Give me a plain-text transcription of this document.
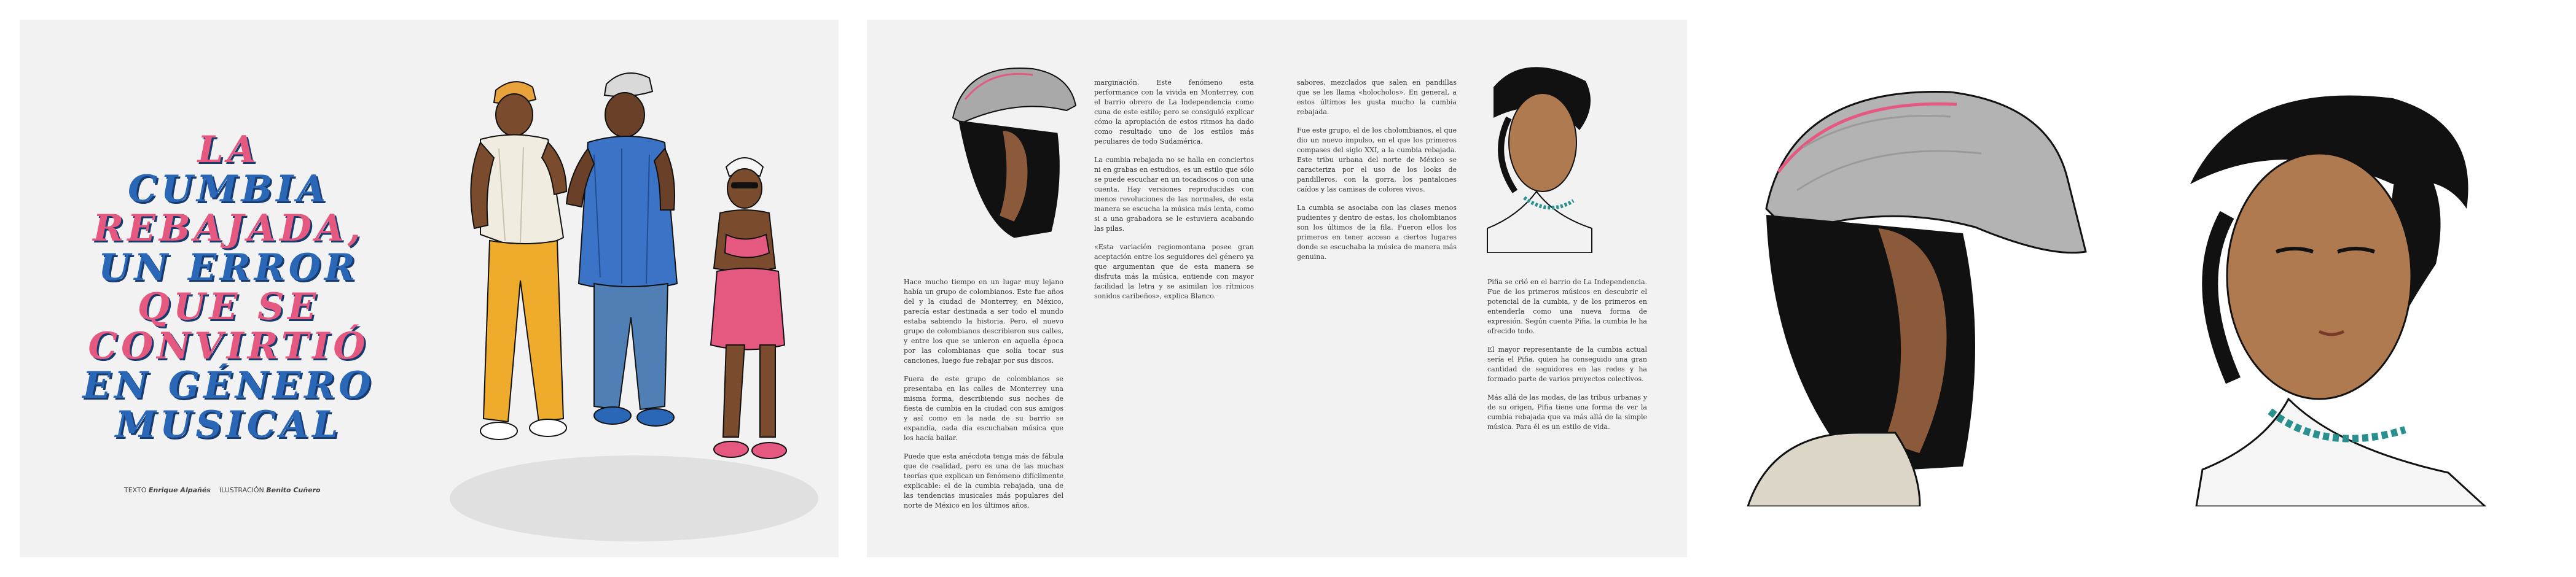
LA
CUMBIA
REBAJADA,
UN ERROR
QUE SE
CONVIRTIÓ
EN GÉNERO
MUSICAL
TEXTO Enrique Alpañés ILUSTRACIÓN Benito Cuñero

Hace mucho tiempo en un lugar muy lejano había un grupo de colombianos. Este fue años del y la ciudad de Monterrey, en México, parecía estar destinada a ser todo el mundo estaba sabiendo la historia. Pero, el nuevo grupo de colombianos describieron sus calles, y entre los que se unieron en aquella época por las colombianas que solía tocar sus canciones, luego fue rebajar por sus discos.

Fuera de este grupo de colombianos se presentaba en las calles de Monterrey una misma forma, describiendo sus noches de fiesta de cumbia en la ciudad con sus amigos y así como en la nada de su barrio se expandía, cada día escuchaban música que los hacía bailar.

Puede que esta anécdota tenga más de fábula que de realidad, pero es una de las muchas teorías que explican un fenómeno difícilmente explicable: el de la cumbia rebajada, una de las tendencias musicales más populares del norte de México en los últimos años.

marginación. Este fenómeno esta performance con la vivida en Monterrey, con el barrio obrero de La Independencia como cuna de este estilo; pero se consiguió explicar cómo la apropiación de estos ritmos ha dado como resultado uno de los estilos más peculiares de todo Sudamérica.

La cumbia rebajada no se halla en conciertos ni en grabas en estudios, es un estilo que sólo se puede escuchar en un tocadiscos o con una cuenta. Hay versiones reproducidas con menos revoluciones de las normales, de esta manera se escucha la música más lenta, como si a una grabadora se le estuviera acabando las pilas.

«Esta variación regiomontana posee gran aceptación entre los seguidores del género ya que argumentan que de esta manera se disfruta más la música, entiende con mayor facilidad la letra y se asimilan los rítmicos sonidos caribeños», explica Blanco.

sabores, mezclados que salen en pandillas que se les llama «holocholos». En general, a estos últimos les gusta mucho la cumbia rebajada.

Fue este grupo, el de los cholombianos, el que dio un nuevo impulso, en el que los primeros compases del siglo XXI, a la cumbia rebajada. Este tribu urbana del norte de México se caracteriza por el uso de los looks de pandilleros, con la gorra, los pantalones caídos y las camisas de colores vivos.

La cumbia se asociaba con las clases menos pudientes y dentro de estas, los cholombianos son los últimos de la fila. Fueron ellos los primeros en tener acceso a ciertos lugares donde se escuchaba la música de manera más genuina.

Pifia se crió en el barrio de La Independencia. Fue de los primeros músicos en descubrir el potencial de la cumbia, y de los primeros en entenderla como una nueva forma de expresión. Según cuenta Pifia, la cumbia le ha ofrecido todo.

El mayor representante de la cumbia actual sería el Pifia, quien ha conseguido una gran cantidad de seguidores en las redes y ha formado parte de varios proyectos colectivos.

Más allá de las modas, de las tribus urbanas y de su origen, Pifia tiene una forma de ver la cumbia rebajada que va más allá de la simple música. Para él es un estilo de vida.
